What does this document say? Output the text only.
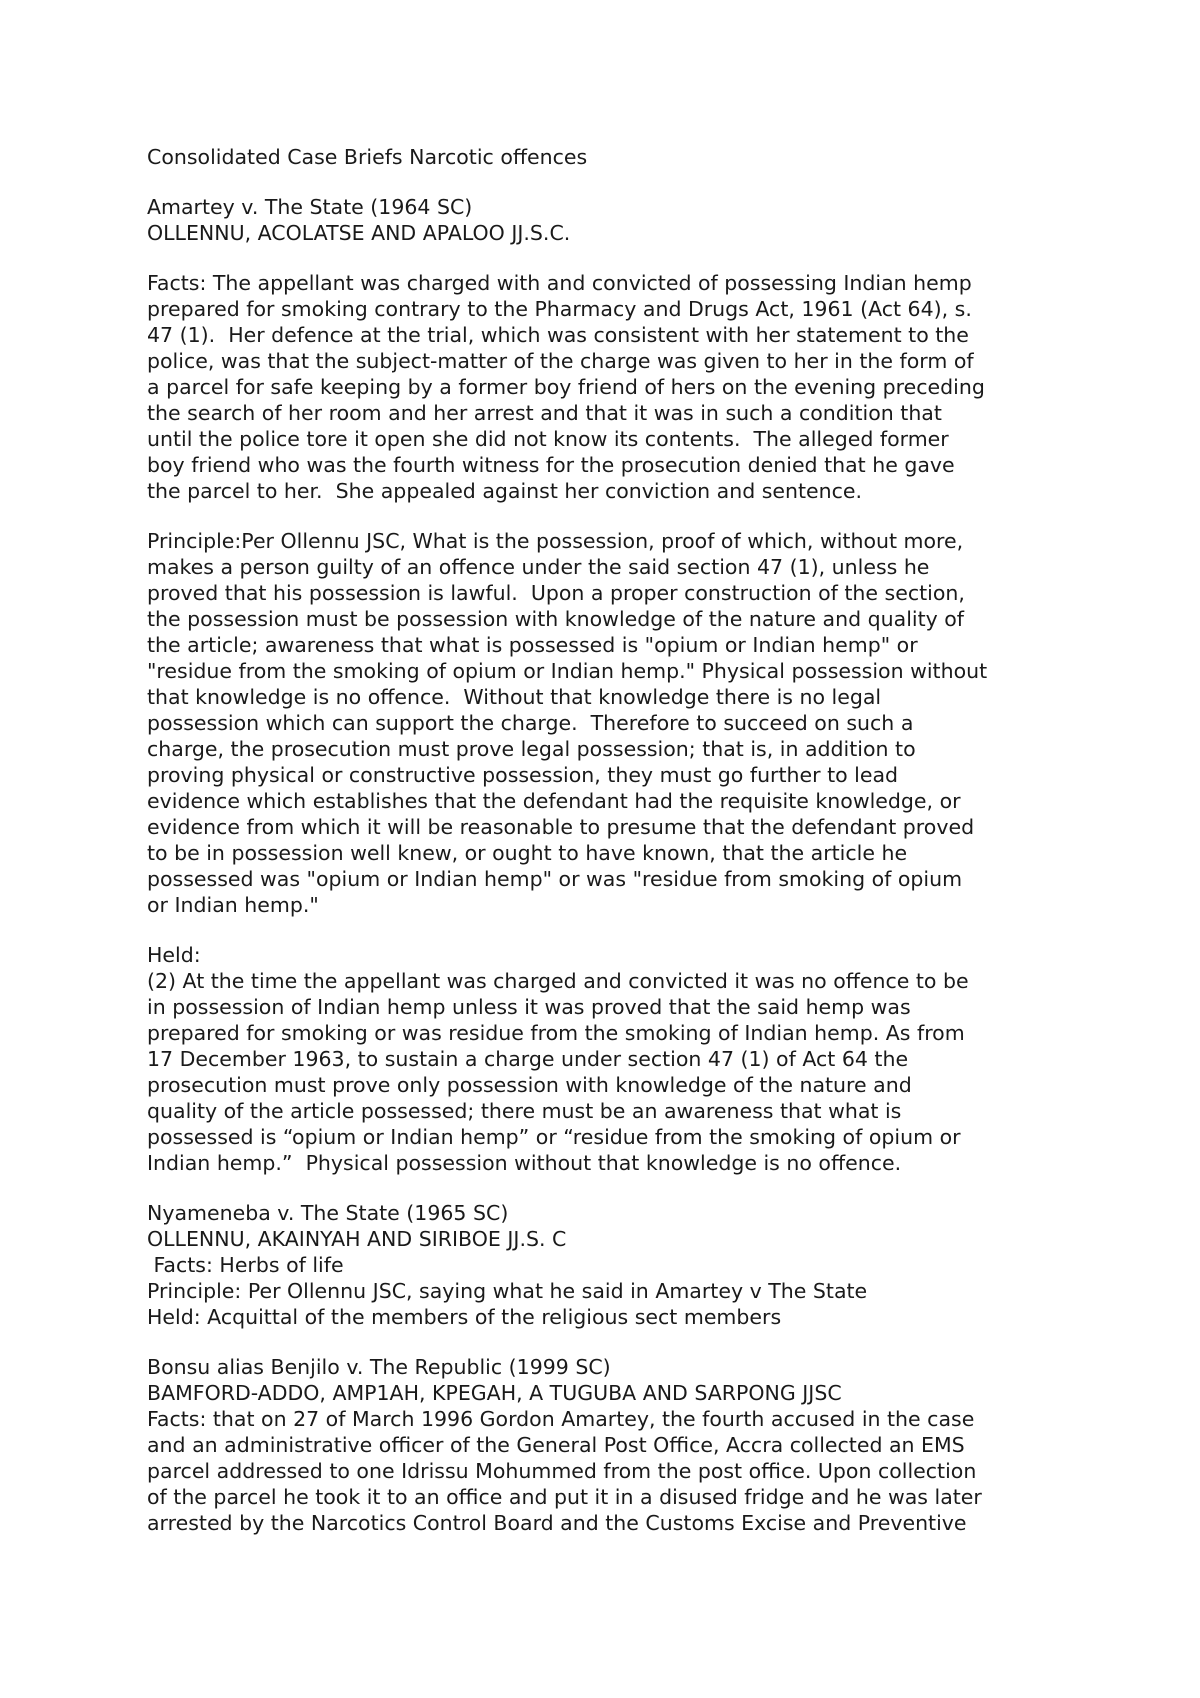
Consolidated Case Briefs Narcotic offences
Amartey v. The State (1964 SC)
OLLENNU, ACOLATSE AND APALOO JJ.S.C.
Facts: The appellant was charged with and convicted of possessing Indian hemp
prepared for smoking contrary to the Pharmacy and Drugs Act, 1961 (Act 64), s.
47 (1).  Her defence at the trial, which was consistent with her statement to the
police, was that the subject-matter of the charge was given to her in the form of
a parcel for safe keeping by a former boy friend of hers on the evening preceding
the search of her room and her arrest and that it was in such a condition that
until the police tore it open she did not know its contents.  The alleged former
boy friend who was the fourth witness for the prosecution denied that he gave
the parcel to her.  She appealed against her conviction and sentence.
Principle:Per Ollennu JSC, What is the possession, proof of which, without more,
makes a person guilty of an offence under the said section 47 (1), unless he
proved that his possession is lawful.  Upon a proper construction of the section,
the possession must be possession with knowledge of the nature and quality of
the article; awareness that what is possessed is "opium or Indian hemp" or
"residue from the smoking of opium or Indian hemp." Physical possession without
that knowledge is no offence.  Without that knowledge there is no legal
possession which can support the charge.  Therefore to succeed on such a
charge, the prosecution must prove legal possession; that is, in addition to
proving physical or constructive possession, they must go further to lead
evidence which establishes that the defendant had the requisite knowledge, or
evidence from which it will be reasonable to presume that the defendant proved
to be in possession well knew, or ought to have known, that the article he
possessed was "opium or Indian hemp" or was "residue from smoking of opium
or Indian hemp."
Held:
(2) At the time the appellant was charged and convicted it was no offence to be
in possession of Indian hemp unless it was proved that the said hemp was
prepared for smoking or was residue from the smoking of Indian hemp. As from
17 December 1963, to sustain a charge under section 47 (1) of Act 64 the
prosecution must prove only possession with knowledge of the nature and
quality of the article possessed; there must be an awareness that what is
possessed is “opium or Indian hemp” or “residue from the smoking of opium or
Indian hemp.”  Physical possession without that knowledge is no offence.
Nyameneba v. The State (1965 SC)
OLLENNU, AKAINYAH AND SIRIBOE JJ.S. C
Facts: Herbs of life
Principle: Per Ollennu JSC, saying what he said in Amartey v The State
Held: Acquittal of the members of the religious sect members
Bonsu alias Benjilo v. The Republic (1999 SC)
BAMFORD-ADDO, AMP1AH, KPEGAH, A TUGUBA AND SARPONG JJSC
Facts: that on 27 of March 1996 Gordon Amartey, the fourth accused in the case
and an administrative officer of the General Post Office, Accra collected an EMS
parcel addressed to one Idrissu Mohummed from the post office. Upon collection
of the parcel he took it to an office and put it in a disused fridge and he was later
arrested by the Narcotics Control Board and the Customs Excise and Preventive
